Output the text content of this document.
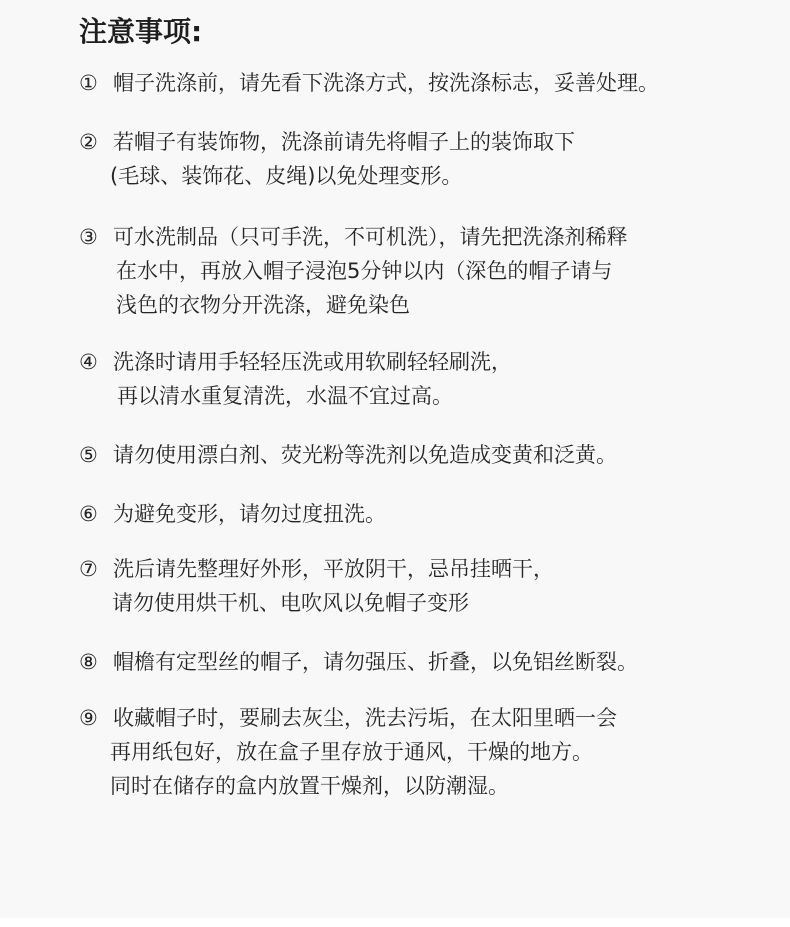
注意事项:
① 帽子洗涤前，请先看下洗涤方式，按洗涤标志，妥善处理。
② 若帽子有装饰物，洗涤前请先将帽子上的装饰取下
(毛球、装饰花、皮绳)以免处理变形。
③ 可水洗制品（只可手洗，不可机洗），请先把洗涤剂稀释
在水中，再放入帽子浸泡5分钟以内（深色的帽子请与
浅色的衣物分开洗涤，避免染色
④ 洗涤时请用手轻轻压洗或用软刷轻轻刷洗，
再以清水重复清洗，水温不宜过高。
⑤ 请勿使用漂白剂、荧光粉等洗剂以免造成变黄和泛黄。
⑥ 为避免变形，请勿过度扭洗。
⑦ 洗后请先整理好外形，平放阴干，忌吊挂晒干，
请勿使用烘干机、电吹风以免帽子变形
⑧ 帽檐有定型丝的帽子，请勿强压、折叠，以免铝丝断裂。
⑨ 收藏帽子时，要刷去灰尘，洗去污垢，在太阳里晒一会
再用纸包好，放在盒子里存放于通风，干燥的地方。
同时在储存的盒内放置干燥剂，以防潮湿。
